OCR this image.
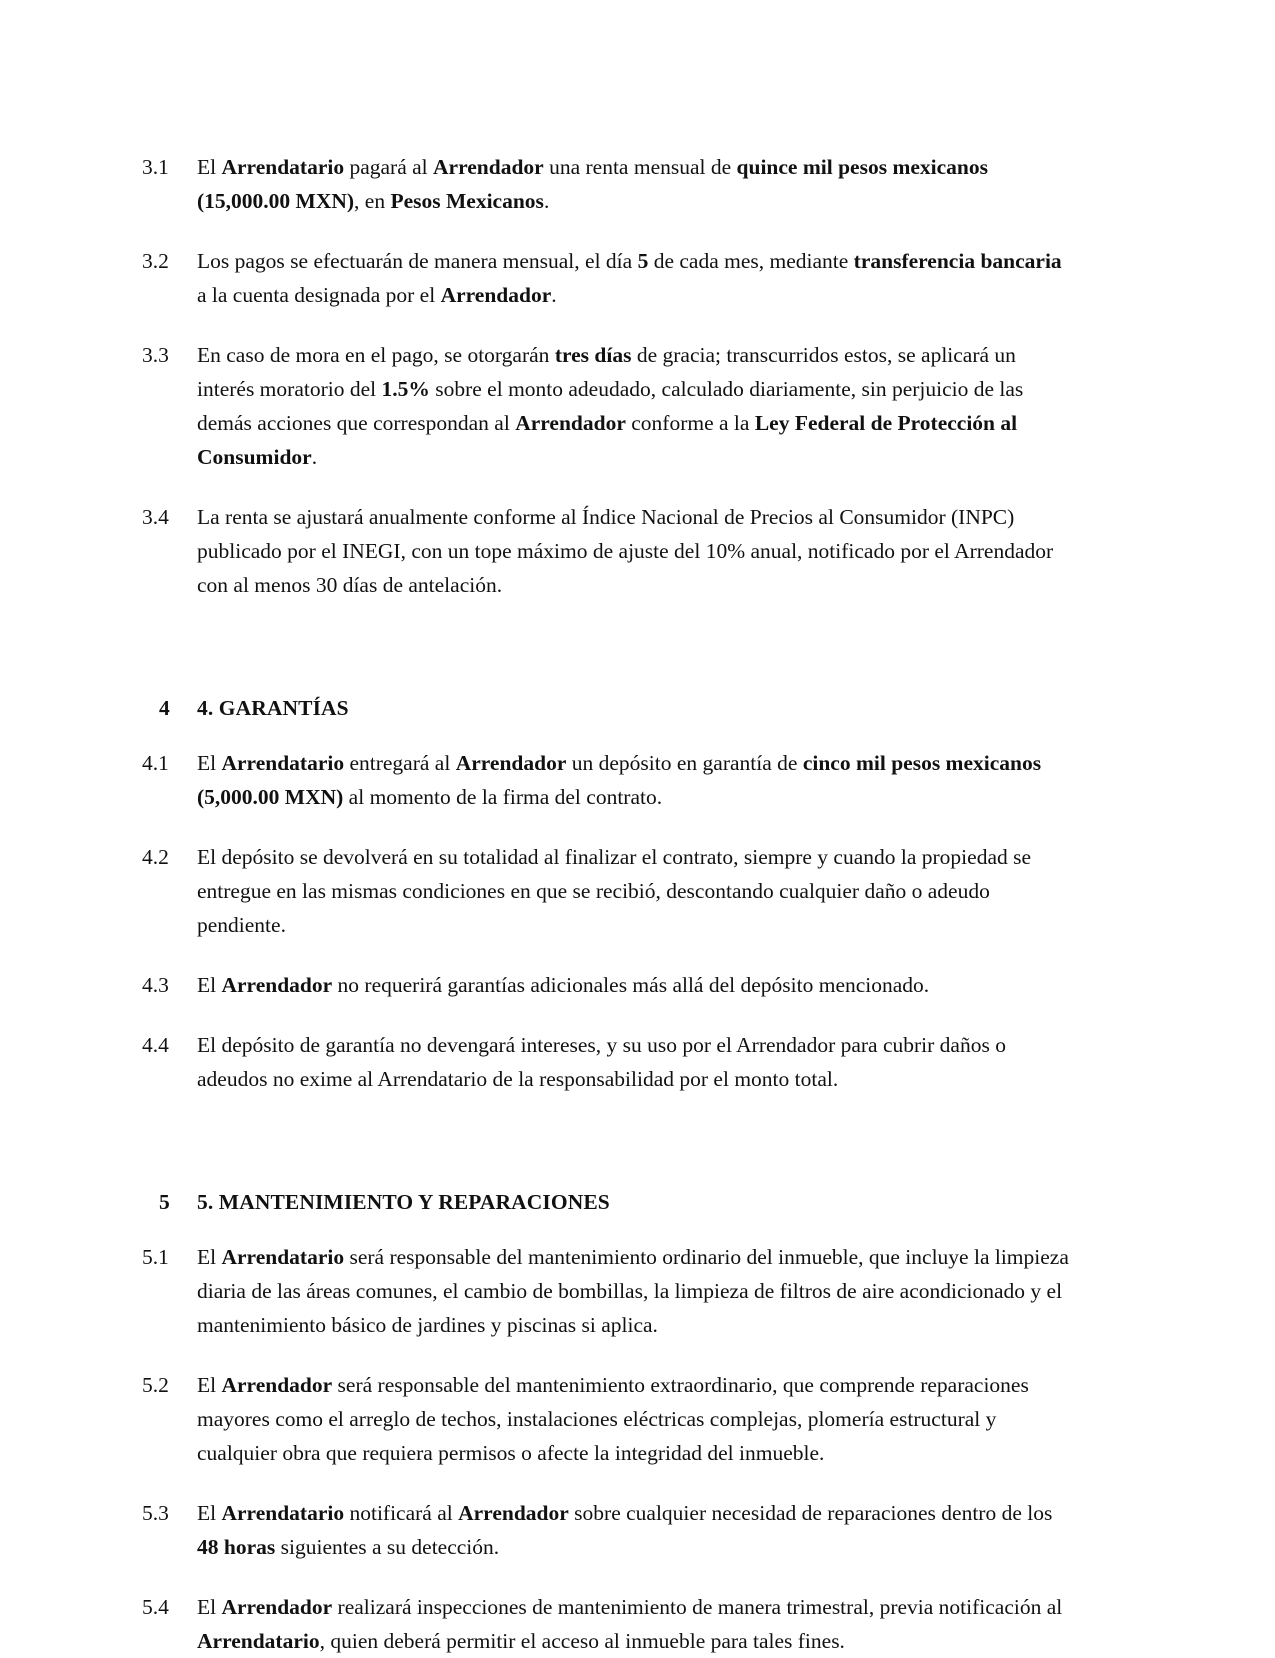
3.1	El Arrendatario pagará al Arrendador una renta mensual de quince mil pesos mexicanos (15,000.00 MXN), en Pesos Mexicanos.
3.2	Los pagos se efectuarán de manera mensual, el día 5 de cada mes, mediante transferencia bancaria a la cuenta designada por el Arrendador.
3.3	En caso de mora en el pago, se otorgarán tres días de gracia; transcurridos estos, se aplicará un interés moratorio del 1.5% sobre el monto adeudado, calculado diariamente, sin perjuicio de las demás acciones que correspondan al Arrendador conforme a la Ley Federal de Protección al Consumidor.
3.4	La renta se ajustará anualmente conforme al Índice Nacional de Precios al Consumidor (INPC) publicado por el INEGI, con un tope máximo de ajuste del 10% anual, notificado por el Arrendador con al menos 30 días de antelación.
4	4. GARANTÍAS
4.1	El Arrendatario entregará al Arrendador un depósito en garantía de cinco mil pesos mexicanos (5,000.00 MXN) al momento de la firma del contrato.
4.2	El depósito se devolverá en su totalidad al finalizar el contrato, siempre y cuando la propiedad se entregue en las mismas condiciones en que se recibió, descontando cualquier daño o adeudo pendiente.
4.3	El Arrendador no requerirá garantías adicionales más allá del depósito mencionado.
4.4	El depósito de garantía no devengará intereses, y su uso por el Arrendador para cubrir daños o adeudos no exime al Arrendatario de la responsabilidad por el monto total.
5	5. MANTENIMIENTO Y REPARACIONES
5.1	El Arrendatario será responsable del mantenimiento ordinario del inmueble, que incluye la limpieza diaria de las áreas comunes, el cambio de bombillas, la limpieza de filtros de aire acondicionado y el mantenimiento básico de jardines y piscinas si aplica.
5.2	El Arrendador será responsable del mantenimiento extraordinario, que comprende reparaciones mayores como el arreglo de techos, instalaciones eléctricas complejas, plomería estructural y cualquier obra que requiera permisos o afecte la integridad del inmueble.
5.3	El Arrendatario notificará al Arrendador sobre cualquier necesidad de reparaciones dentro de los 48 horas siguientes a su detección.
5.4	El Arrendador realizará inspecciones de mantenimiento de manera trimestral, previa notificación al Arrendatario, quien deberá permitir el acceso al inmueble para tales fines.
